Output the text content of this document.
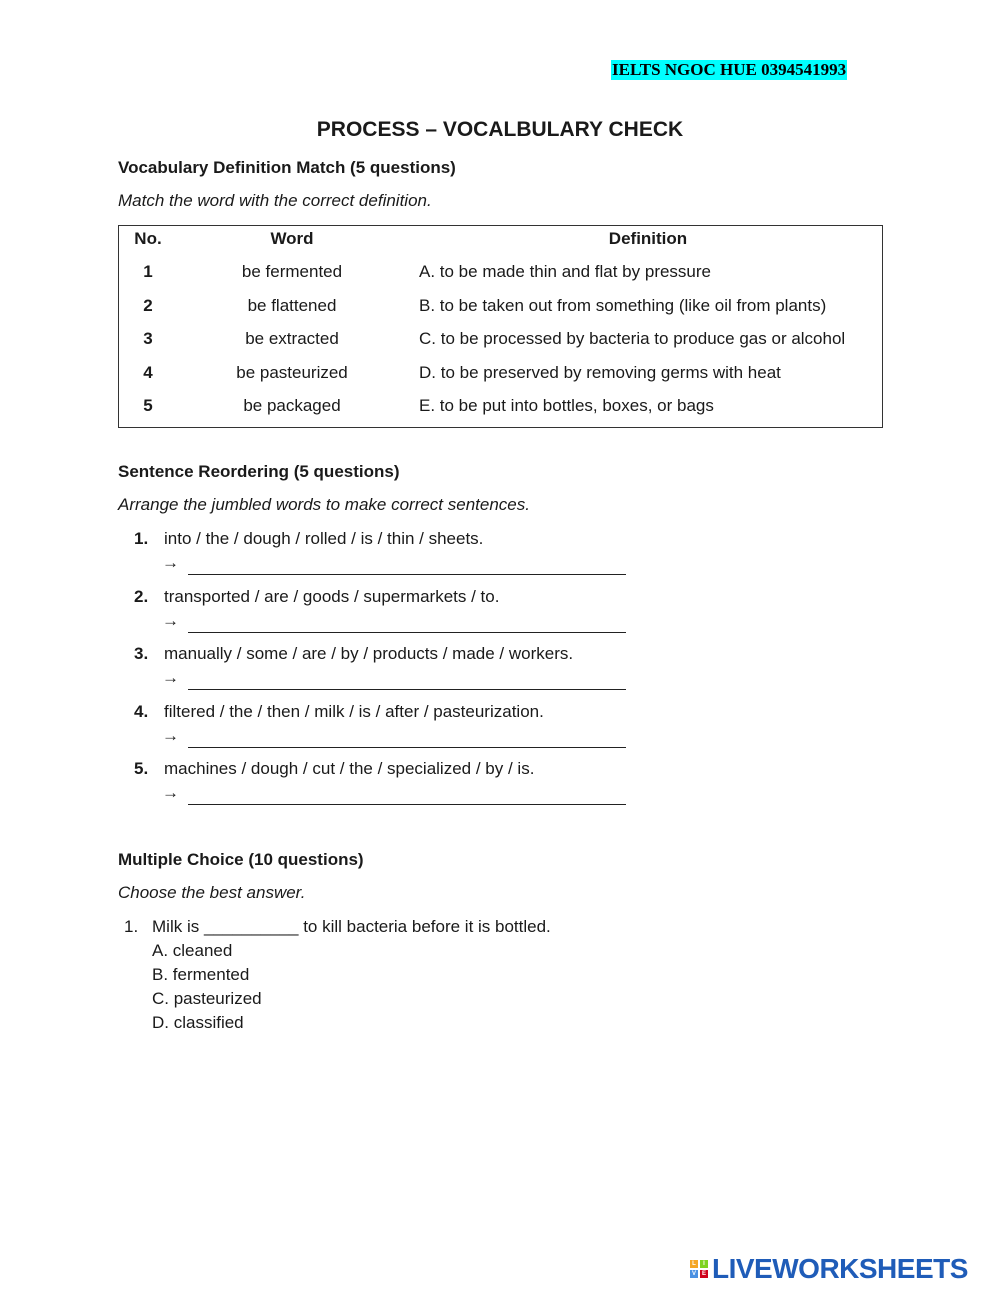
IELTS NGOC HUE 0394541993
PROCESS – VOCALBULARY CHECK
Vocabulary Definition Match (5 questions)
Match the word with the correct definition.
No.	Word	Definition
1	be fermented	A. to be made thin and flat by pressure
2	be flattened	B. to be taken out from something (like oil from plants)
3	be extracted	C. to be processed by bacteria to produce gas or alcohol
4	be pasteurized	D. to be preserved by removing germs with heat
5	be packaged	E. to be put into bottles, boxes, or bags
Sentence Reordering (5 questions)
Arrange the jumbled words to make correct sentences.
1. into / the / dough / rolled / is / thin / sheets.
→
2. transported / are / goods / supermarkets / to.
→
3. manually / some / are / by / products / made / workers.
→
4. filtered / the / then / milk / is / after / pasteurization.
→
5. machines / dough / cut / the / specialized / by / is.
→
Multiple Choice (10 questions)
Choose the best answer.
1. Milk is __________ to kill bacteria before it is bottled.
A. cleaned
B. fermented
C. pasteurized
D. classified
L	I
V E LIVEWORKSHEETS
